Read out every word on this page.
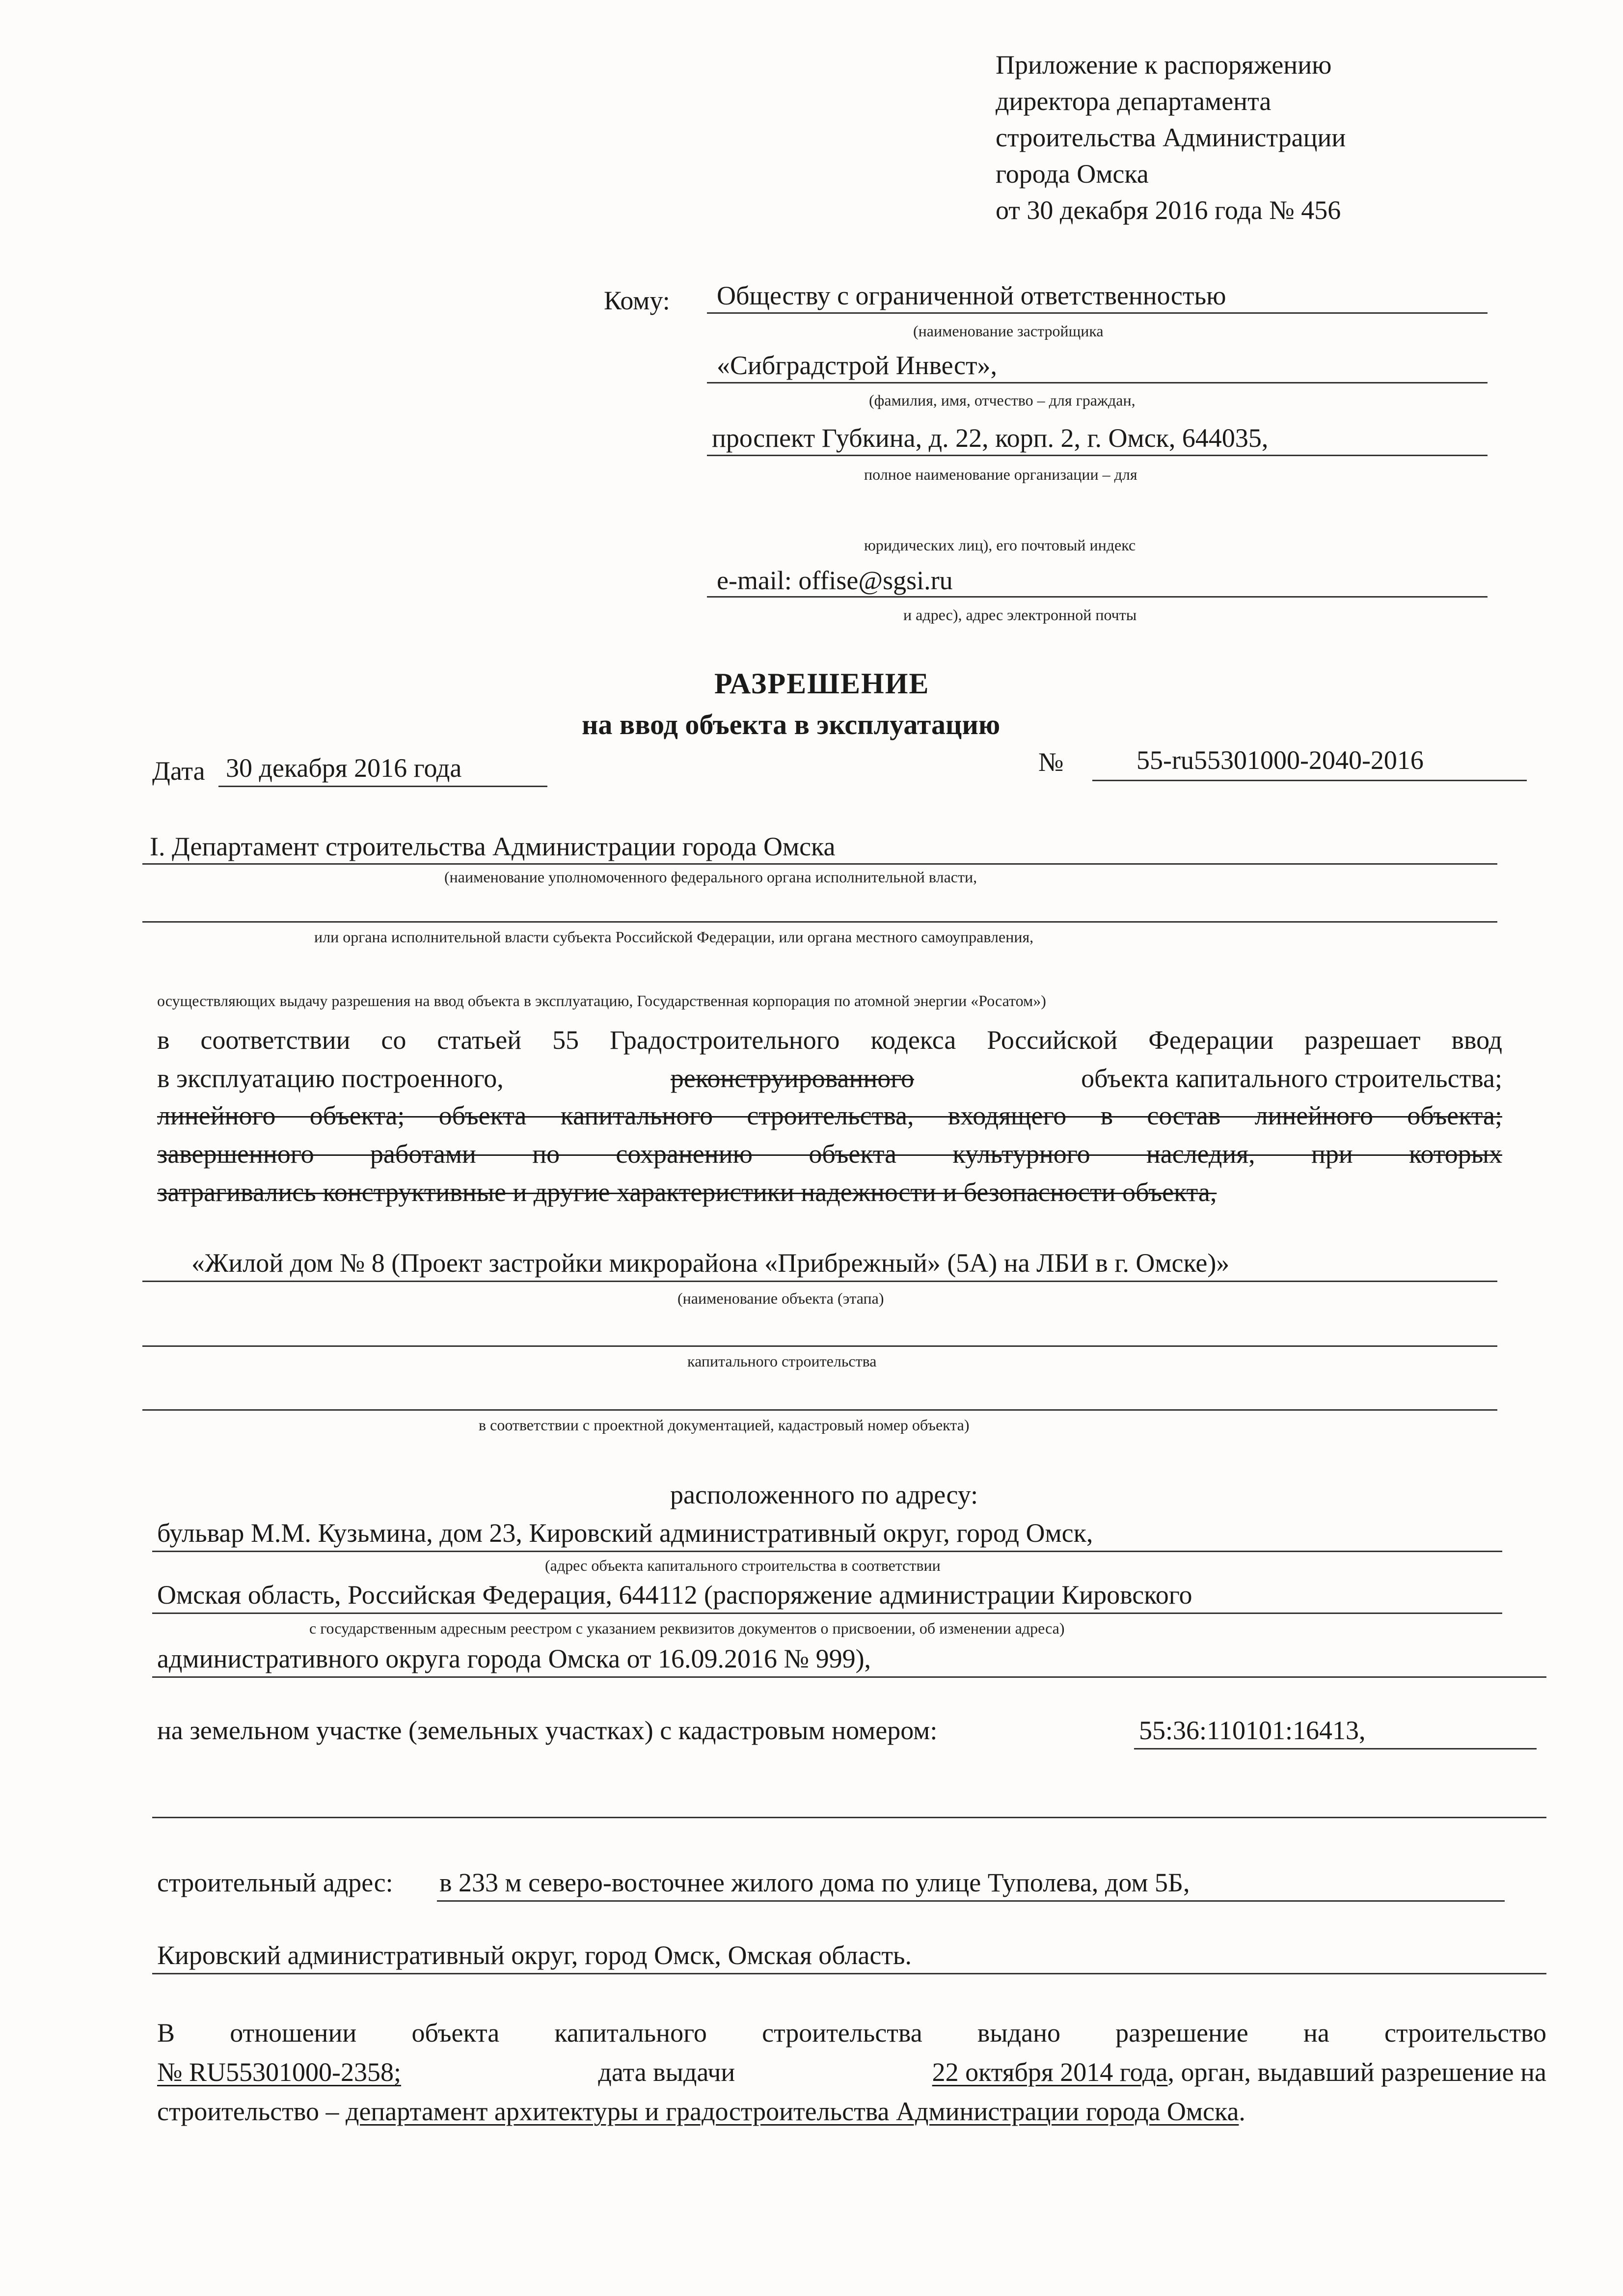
Приложение к распоряжению
директора департамента
строительства Администрации
города Омска
от 30 декабря 2016 года № 456
Кому: Обществу с ограниченной ответственностью
(наименование застройщика
«Сибградстрой Инвест»,
(фамилия, имя, отчество – для граждан,
проспект Губкина, д. 22, корп. 2, г. Омск, 644035,
полное наименование организации – для
юридических лиц), его почтовый индекс
e-mail: offise@sgsi.ru
и адрес), адрес электронной почты
РАЗРЕШЕНИЕ
на ввод объекта в эксплуатацию
Дата 30 декабря 2016 года	№	55-ru55301000-2040-2016
I. Департамент строительства Администрации города Омска
(наименование уполномоченного федерального органа исполнительной власти,
или органа исполнительной власти субъекта Российской Федерации, или органа местного самоуправления,
осуществляющих выдачу разрешения на ввод объекта в эксплуатацию, Государственная корпорация по атомной энергии «Росатом»)
в соответствии со статьей 55 Градостроительного кодекса Российской Федерации разрешает ввод
в эксплуатацию построенного,	реконструированного	объекта капитального строительства;
линейного объекта; объекта капитального строительства, входящего в состав линейного объекта;
завершенного работами по сохранению объекта культурного наследия, при которых
затрагивались конструктивные и другие характеристики надежности и безопасности объекта,
«Жилой дом № 8 (Проект застройки микрорайона «Прибрежный» (5А) на ЛБИ в г. Омске)»
(наименование объекта (этапа)
капитального строительства
в соответствии с проектной документацией, кадастровый номер объекта)
расположенного по адресу:
бульвар М.М. Кузьмина, дом 23, Кировский административный округ, город Омск,
(адрес объекта капитального строительства в соответствии
Омская область, Российская Федерация, 644112 (распоряжение администрации Кировского
с государственным адресным реестром с указанием реквизитов документов о присвоении, об изменении адреса)
административного округа города Омска от 16.09.2016 № 999),
на земельном участке (земельных участках) с кадастровым номером:	55:36:110101:16413,
строительный адрес: в 233 м северо-восточнее жилого дома по улице Туполева, дом 5Б,
Кировский административный округ, город Омск, Омская область.
В отношении объекта капитального строительства выдано разрешение на строительство
№ RU55301000-2358;	дата выдачи	22 октября 2014 года, орган, выдавший разрешение на
строительство – департамент архитектуры и градостроительства Администрации города Омска.
